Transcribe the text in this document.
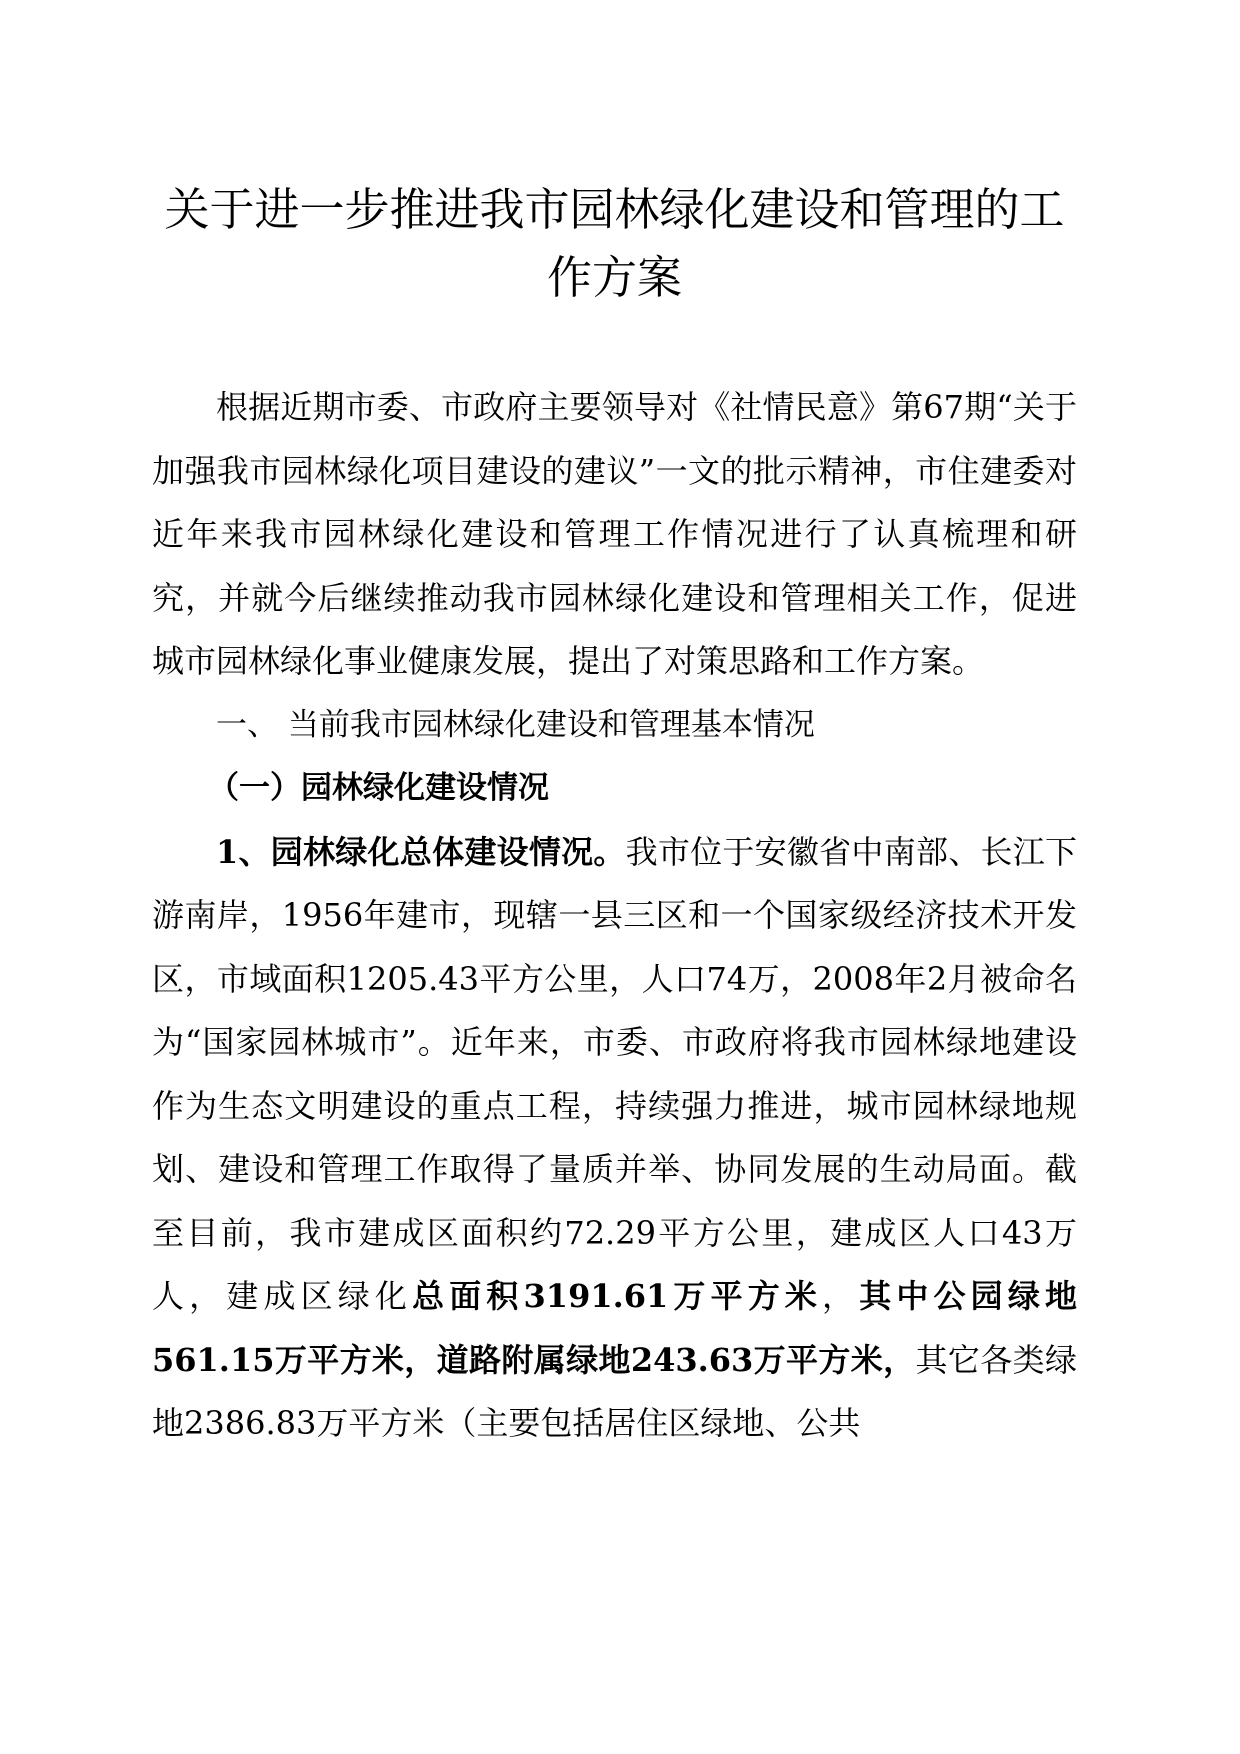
关于进一步推进我市园林绿化建设和管理的工作方案

根据近期市委、市政府主要领导对《社情民意》第67期“关于加强我市园林绿化项目建设的建议”一文的批示精神，市住建委对近年来我市园林绿化建设和管理工作情况进行了认真梳理和研究，并就今后继续推动我市园林绿化建设和管理相关工作，促进城市园林绿化事业健康发展，提出了对策思路和工作方案。

一、 当前我市园林绿化建设和管理基本情况

（一）园林绿化建设情况

1、园林绿化总体建设情况。我市位于安徽省中南部、长江下游南岸，1956年建市，现辖一县三区和一个国家级经济技术开发区，市域面积1205.43平方公里，人口74万，2008年2月被命名为“国家园林城市”。近年来，市委、市政府将我市园林绿地建设作为生态文明建设的重点工程，持续强力推进，城市园林绿地规划、建设和管理工作取得了量质并举、协同发展的生动局面。截至目前，我市建成区面积约72.29平方公里，建成区人口43万人，建成区绿化总面积3191.61万平方米，其中公园绿地561.15万平方米，道路附属绿地243.63万平方米，其它各类绿地2386.83万平方米（主要包括居住区绿地、公共
